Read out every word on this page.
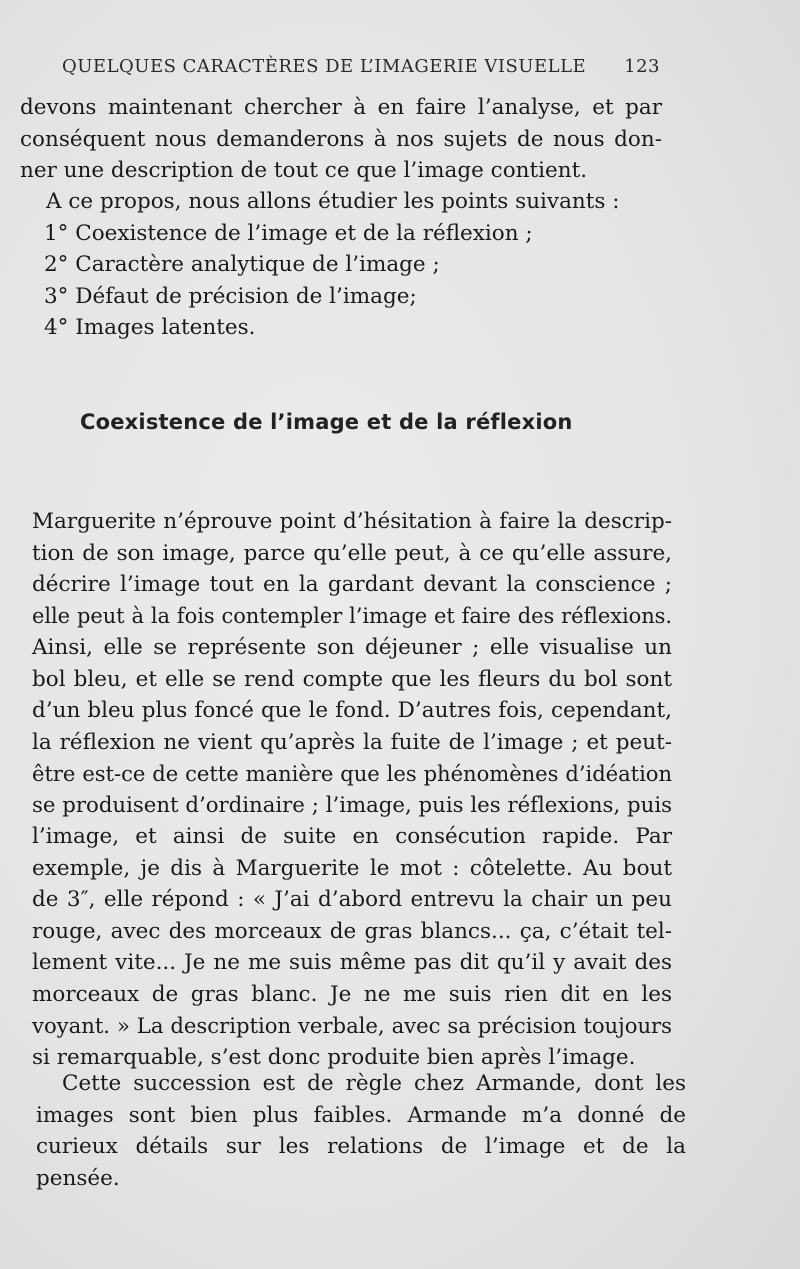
QUELQUES CARACTÈRES DE L’IMAGERIE VISUELLE 123
devons maintenant chercher à en faire l’analyse, et par
conséquent nous demanderons à nos sujets de nous don-
ner une description de tout ce que l’image contient.
A ce propos, nous allons étudier les points suivants :
1° Coexistence de l’image et de la réflexion ;
2° Caractère analytique de l’image ;
3° Défaut de précision de l’image;
4° Images latentes.
Coexistence de l’image et de la réflexion
Marguerite n’éprouve point d’hésitation à faire la descrip-
tion de son image, parce qu’elle peut, à ce qu’elle assure,
décrire l’image tout en la gardant devant la conscience ;
elle peut à la fois contempler l’image et faire des réflexions.
Ainsi, elle se représente son déjeuner ; elle visualise un
bol bleu, et elle se rend compte que les fleurs du bol sont
d’un bleu plus foncé que le fond. D’autres fois, cependant,
la réflexion ne vient qu’après la fuite de l’image ; et peut-
être est-ce de cette manière que les phénomènes d’idéation
se produisent d’ordinaire ; l’image, puis les réflexions, puis
l’image, et ainsi de suite en consécution rapide. Par
exemple, je dis à Marguerite le mot : côtelette. Au bout
de 3″, elle répond : « J’ai d’abord entrevu la chair un peu
rouge, avec des morceaux de gras blancs... ça, c’était tel-
lement vite... Je ne me suis même pas dit qu’il y avait des
morceaux de gras blanc. Je ne me suis rien dit en les
voyant. » La description verbale, avec sa précision toujours
si remarquable, s’est donc produite bien après l’image.
Cette succession est de règle chez Armande, dont les
images sont bien plus faibles. Armande m’a donné de
curieux détails sur les relations de l’image et de la
pensée.
